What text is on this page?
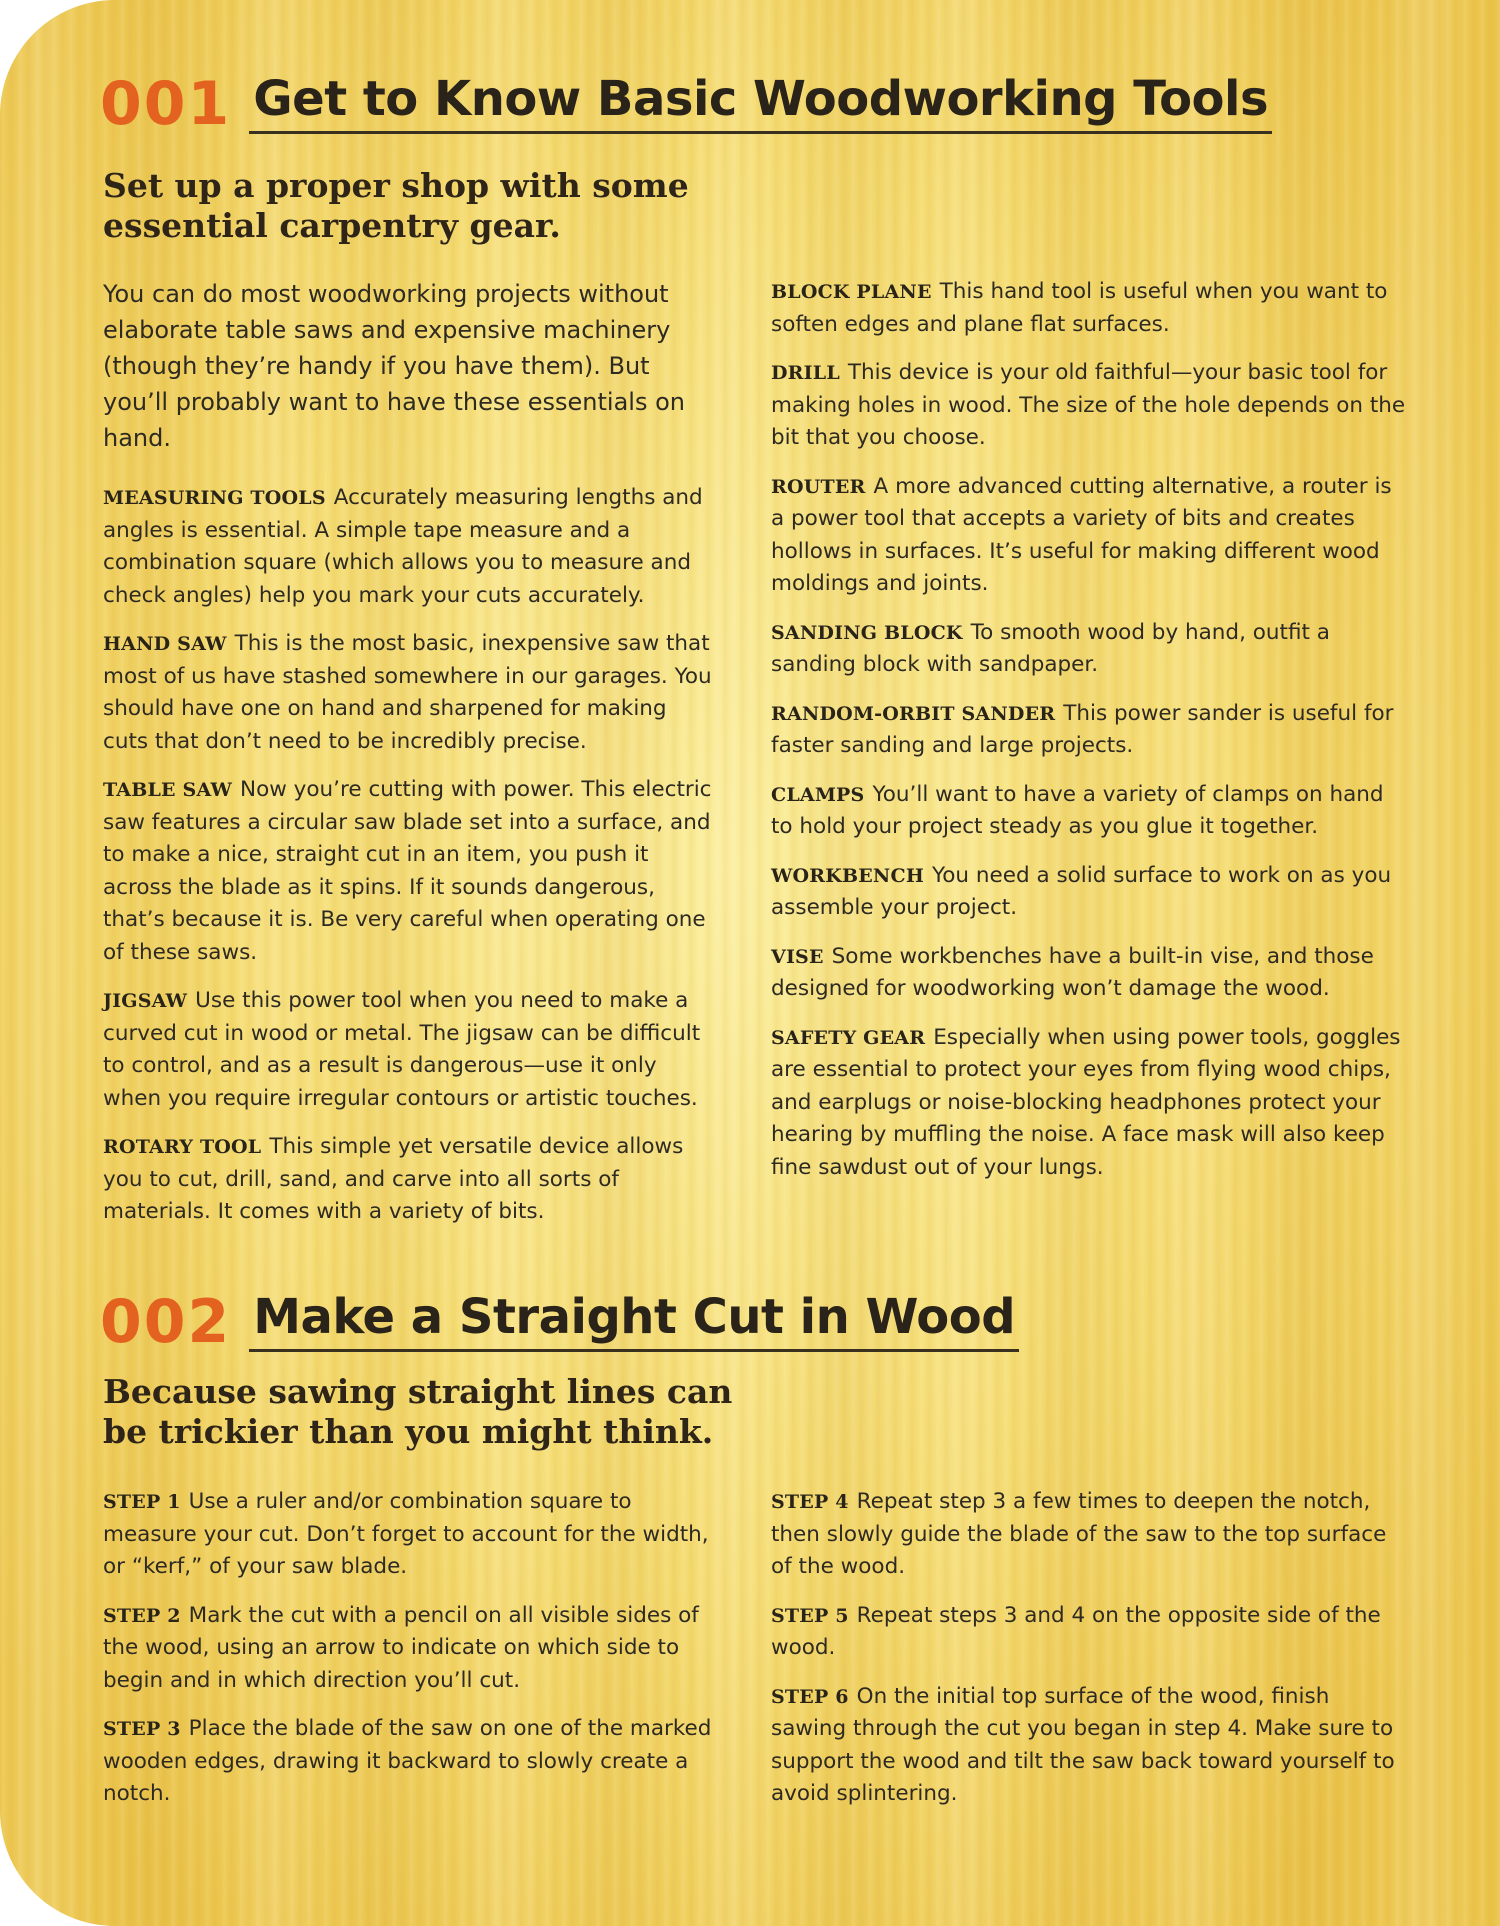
001 Get to Know Basic Woodworking Tools
Set up a proper shop with some essential carpentry gear.

You can do most woodworking projects without elaborate table saws and expensive machinery (though they’re handy if you have them). But you’ll probably want to have these essentials on hand.

MEASURING TOOLS Accurately measuring lengths and angles is essential. A simple tape measure and a combination square (which allows you to measure and check angles) help you mark your cuts accurately.

HAND SAW This is the most basic, inexpensive saw that most of us have stashed somewhere in our garages. You should have one on hand and sharpened for making cuts that don’t need to be incredibly precise.

TABLE SAW Now you’re cutting with power. This electric saw features a circular saw blade set into a surface, and to make a nice, straight cut in an item, you push it across the blade as it spins. If it sounds dangerous, that’s because it is. Be very careful when operating one of these saws.

JIGSAW Use this power tool when you need to make a curved cut in wood or metal. The jigsaw can be difficult to control, and as a result is dangerous—use it only when you require irregular contours or artistic touches.

ROTARY TOOL This simple yet versatile device allows you to cut, drill, sand, and carve into all sorts of materials. It comes with a variety of bits.

BLOCK PLANE This hand tool is useful when you want to soften edges and plane flat surfaces.

DRILL This device is your old faithful—your basic tool for making holes in wood. The size of the hole depends on the bit that you choose.

ROUTER A more advanced cutting alternative, a router is a power tool that accepts a variety of bits and creates hollows in surfaces. It’s useful for making different wood moldings and joints.

SANDING BLOCK To smooth wood by hand, outfit a sanding block with sandpaper.

RANDOM-ORBIT SANDER This power sander is useful for faster sanding and large projects.

CLAMPS You’ll want to have a variety of clamps on hand to hold your project steady as you glue it together.

WORKBENCH You need a solid surface to work on as you assemble your project.

VISE Some workbenches have a built-in vise, and those designed for woodworking won’t damage the wood.

SAFETY GEAR Especially when using power tools, goggles are essential to protect your eyes from flying wood chips, and earplugs or noise-blocking headphones protect your hearing by muffling the noise. A face mask will also keep fine sawdust out of your lungs.

002 Make a Straight Cut in Wood
Because sawing straight lines can be trickier than you might think.

STEP 1 Use a ruler and/or combination square to measure your cut. Don’t forget to account for the width, or “kerf,” of your saw blade.

STEP 2 Mark the cut with a pencil on all visible sides of the wood, using an arrow to indicate on which side to begin and in which direction you’ll cut.

STEP 3 Place the blade of the saw on one of the marked wooden edges, drawing it backward to slowly create a notch.

STEP 4 Repeat step 3 a few times to deepen the notch, then slowly guide the blade of the saw to the top surface of the wood.

STEP 5 Repeat steps 3 and 4 on the opposite side of the wood.

STEP 6 On the initial top surface of the wood, finish sawing through the cut you began in step 4. Make sure to support the wood and tilt the saw back toward yourself to avoid splintering.
